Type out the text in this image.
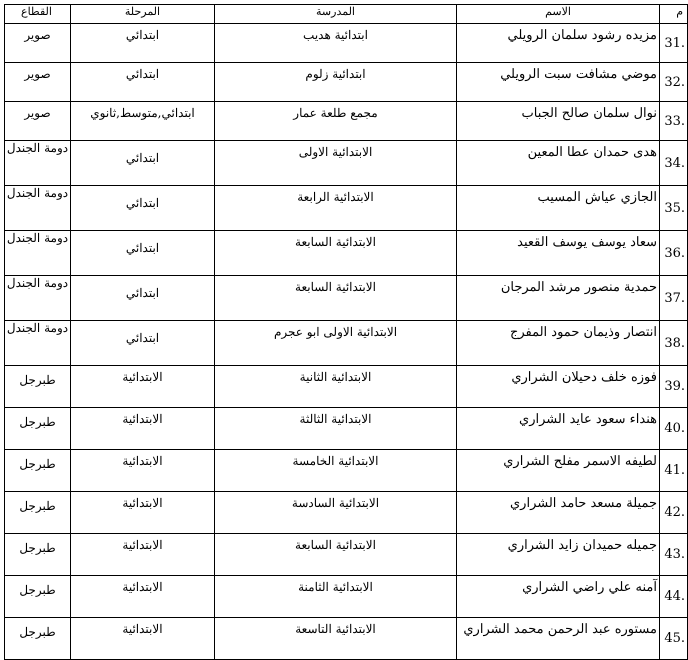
م	الاسم	المدرسة	المرحلة	القطاع
31.	مزيده رشود سلمان الرويلي	ابتدائية هديب	ابتدائي	صوير
32.	موضي مشافت سبت الرويلي	ابتدائية زلوم	ابتدائي	صوير
33.	نوال سلمان صالح الجباب	مجمع طلعة عمار	ابتدائي,متوسط,ثانوي	صوير
34.	هدى حمدان عطا المعين	الابتدائية الاولى	ابتدائي	دومة الجندل
35.	الجازي عياش المسيب	الابتدائية الرابعة	ابتدائي	دومة الجندل
36.	سعاد يوسف يوسف القعيد	الابتدائية السابعة	ابتدائي	دومة الجندل
37.	حمدية منصور مرشد المرجان	الابتدائية السابعة	ابتدائي	دومة الجندل
38.	انتصار وذيمان حمود المفرج	الابتدائية الاولى ابو عجرم	ابتدائي	دومة الجندل
39.	فوزه خلف دحيلان الشراري	الابتدائية الثانية	الابتدائية	طبرجل
40.	هنداء سعود عايد الشراري	الابتدائية الثالثة	الابتدائية	طبرجل
41.	لطيفه الاسمر مفلح الشراري	الابتدائية الخامسة	الابتدائية	طبرجل
42.	جميلة مسعد حامد الشراري	الابتدائية السادسة	الابتدائية	طبرجل
43.	جميله حميدان زايد الشراري	الابتدائية السابعة	الابتدائية	طبرجل
44.	آمنه علي راضي الشراري	الابتدائية الثامنة	الابتدائية	طبرجل
45.	مستوره عبد الرحمن محمد الشراري	الابتدائية التاسعة	الابتدائية	طبرجل
